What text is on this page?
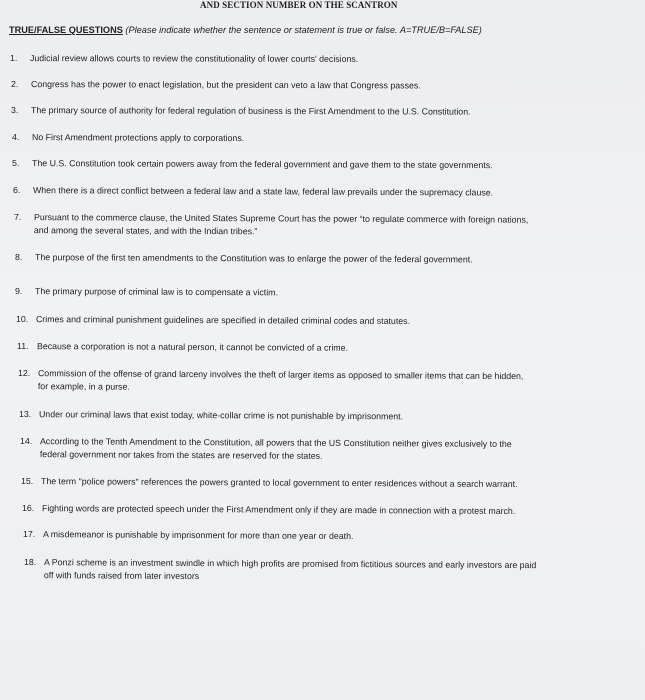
AND SECTION NUMBER ON THE SCANTRON
TRUE/FALSE QUESTIONS (Please indicate whether the sentence or statement is true or false. A=TRUE/B=FALSE)
1. Judicial review allows courts to review the constitutionality of lower courts' decisions.
2. Congress has the power to enact legislation, but the president can veto a law that Congress passes.
3. The primary source of authority for federal regulation of business is the First Amendment to the U.S. Constitution.
4. No First Amendment protections apply to corporations.
5. The U.S. Constitution took certain powers away from the federal government and gave them to the state governments.
6. When there is a direct conflict between a federal law and a state law, federal law prevails under the supremacy clause.
7. Pursuant to the commerce clause, the United States Supreme Court has the power “to regulate commerce with foreign nations,
and among the several states, and with the Indian tribes.”
8. The purpose of the first ten amendments to the Constitution was to enlarge the power of the federal government.
9. The primary purpose of criminal law is to compensate a victim.
10. Crimes and criminal punishment guidelines are specified in detailed criminal codes and statutes.
11. Because a corporation is not a natural person, it cannot be convicted of a crime.
12. Commission of the offense of grand larceny involves the theft of larger items as opposed to smaller items that can be hidden,
for example, in a purse.
13. Under our criminal laws that exist today, white-collar crime is not punishable by imprisonment.
14. According to the Tenth Amendment to the Constitution, all powers that the US Constitution neither gives exclusively to the
federal government nor takes from the states are reserved for the states.
15. The term "police powers" references the powers granted to local government to enter residences without a search warrant.
16. Fighting words are protected speech under the First Amendment only if they are made in connection with a protest march.
17. A misdemeanor is punishable by imprisonment for more than one year or death.
18. A Ponzi scheme is an investment swindle in which high profits are promised from fictitious sources and early investors are paid
off with funds raised from later investors
